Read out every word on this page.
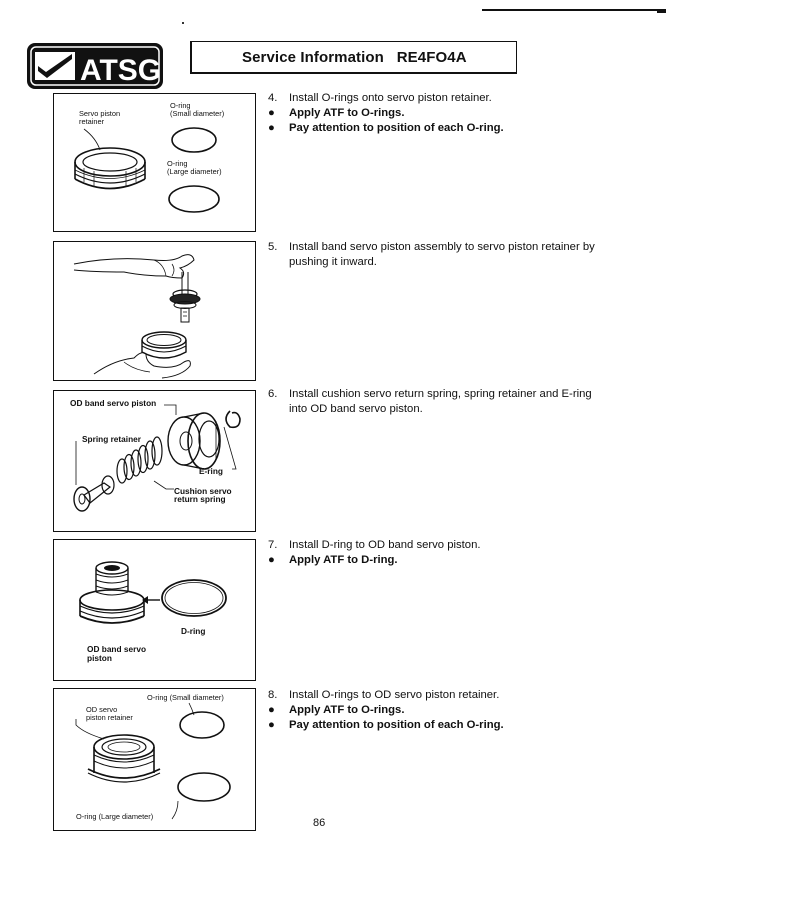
ATSG	Service Information   RE4FO4A
Servo piston
retainer
O-ring
(Small diameter)
O-ring
(Large diameter)
OD band servo piston
Spring retainer
E-ring
Cushion servo
return spring
D-ring
OD band servo
piston
O-ring (Small diameter)
OD servo
piston retainer
O-ring (Large diameter)
4. Install O-rings onto servo piston retainer.
● Apply ATF to O-rings.
● Pay attention to position of each O-ring.
5. Install band servo piston assembly to servo piston retainer by
pushing it inward.
6. Install cushion servo return spring, spring retainer and E-ring
into OD band servo piston.
7. Install D-ring to OD band servo piston.
● Apply ATF to D-ring.
8. Install O-rings to OD servo piston retainer.
● Apply ATF to O-rings.
● Pay attention to position of each O-ring.
86
